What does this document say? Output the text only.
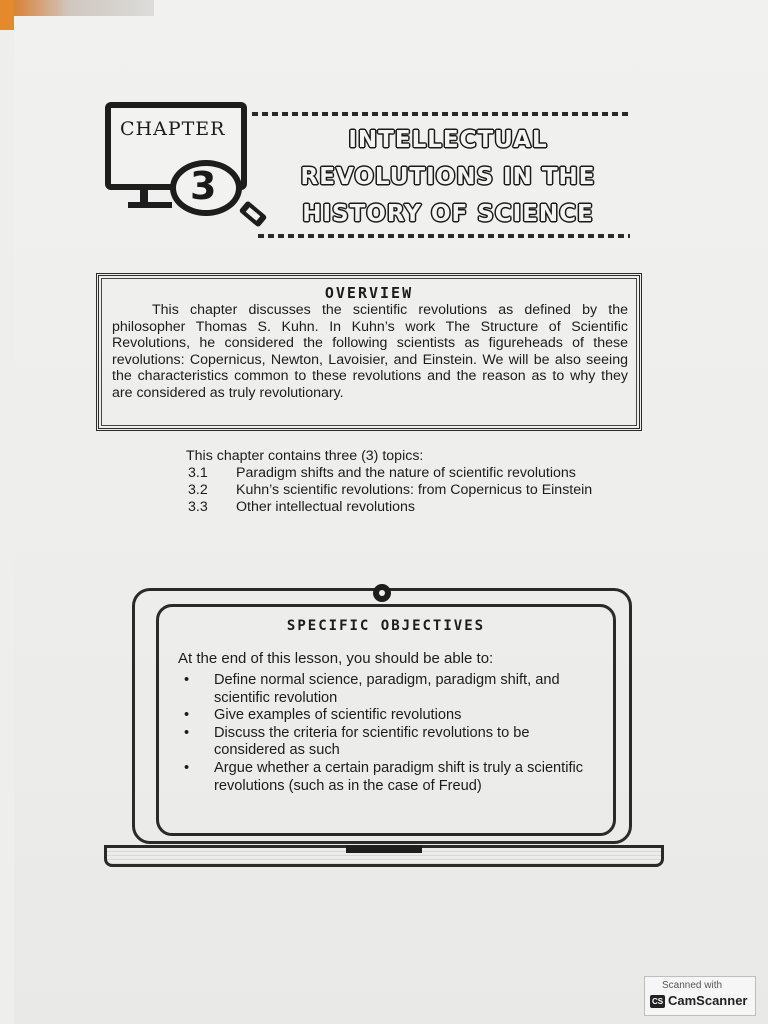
CHAPTER
3
INTELLECTUAL
REVOLUTIONS IN THE
HISTORY OF SCIENCE
OVERVIEW
This chapter discusses the scientific revolutions as defined by the philosopher Thomas S. Kuhn. In Kuhn’s work The Structure of Scientific Revolutions, he considered the following scientists as figureheads of these revolutions: Copernicus, Newton, Lavoisier, and Einstein. We will be also seeing the characteristics common to these revolutions and the reason as to why they are considered as truly revolutionary.
This chapter contains three (3) topics:
3.1	Paradigm shifts and the nature of scientific revolutions
3.2	Kuhn’s scientific revolutions: from Copernicus to Einstein
3.3	Other intellectual revolutions
SPECIFIC OBJECTIVES
At the end of this lesson, you should be able to:
•	Define normal science, paradigm, paradigm shift, and scientific revolution
•	Give examples of scientific revolutions
•	Discuss the criteria for scientific revolutions to be considered as such
•	Argue whether a certain paradigm shift is truly a scientific revolutions (such as in the case of Freud)
Scanned with
CS CamScanner
